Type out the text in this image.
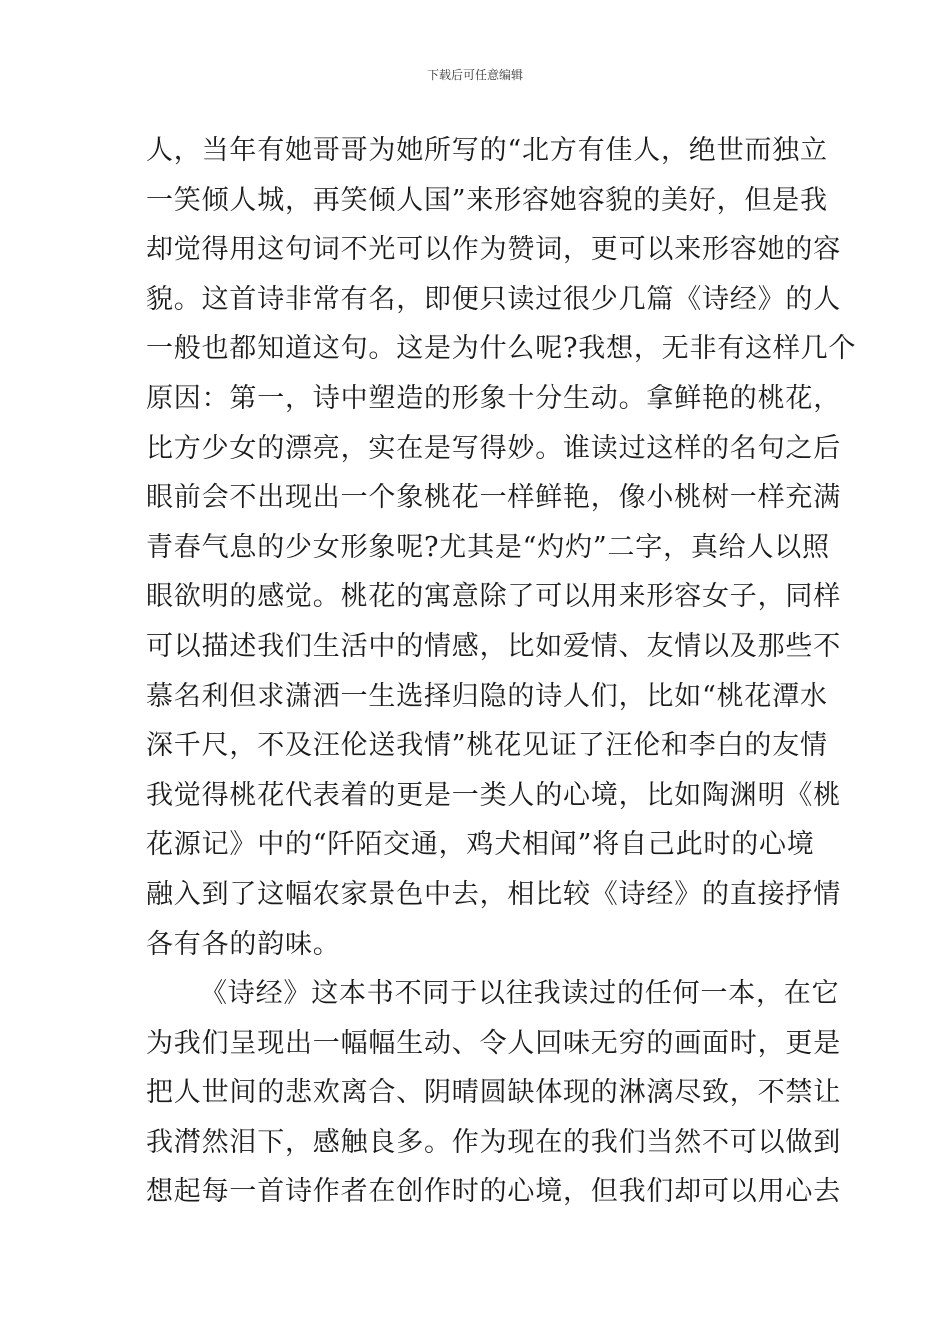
下载后可任意编辑
人，当年有她哥哥为她所写的“北方有佳人，绝世而独立
一笑倾人城，再笑倾人国”来形容她容貌的美好，但是我
却觉得用这句词不光可以作为赞词，更可以来形容她的容
貌。这首诗非常有名，即便只读过很少几篇《诗经》的人
一般也都知道这句。这是为什么呢?我想，无非有这样几个
原因：第一，诗中塑造的形象十分生动。拿鲜艳的桃花，
比方少女的漂亮，实在是写得妙。谁读过这样的名句之后
眼前会不出现出一个象桃花一样鲜艳，像小桃树一样充满
青春气息的少女形象呢?尤其是“灼灼”二字，真给人以照
眼欲明的感觉。桃花的寓意除了可以用来形容女子，同样
可以描述我们生活中的情感，比如爱情、友情以及那些不
慕名利但求潇洒一生选择归隐的诗人们，比如“桃花潭水
深千尺，不及汪伦送我情”桃花见证了汪伦和李白的友情
我觉得桃花代表着的更是一类人的心境，比如陶渊明《桃
花源记》中的“阡陌交通，鸡犬相闻”将自己此时的心境
融入到了这幅农家景色中去，相比较《诗经》的直接抒情
各有各的韵味。
《诗经》这本书不同于以往我读过的任何一本，在它
为我们呈现出一幅幅生动、令人回味无穷的画面时，更是
把人世间的悲欢离合、阴晴圆缺体现的淋漓尽致，不禁让
我潸然泪下，感触良多。作为现在的我们当然不可以做到
想起每一首诗作者在创作时的心境，但我们却可以用心去
